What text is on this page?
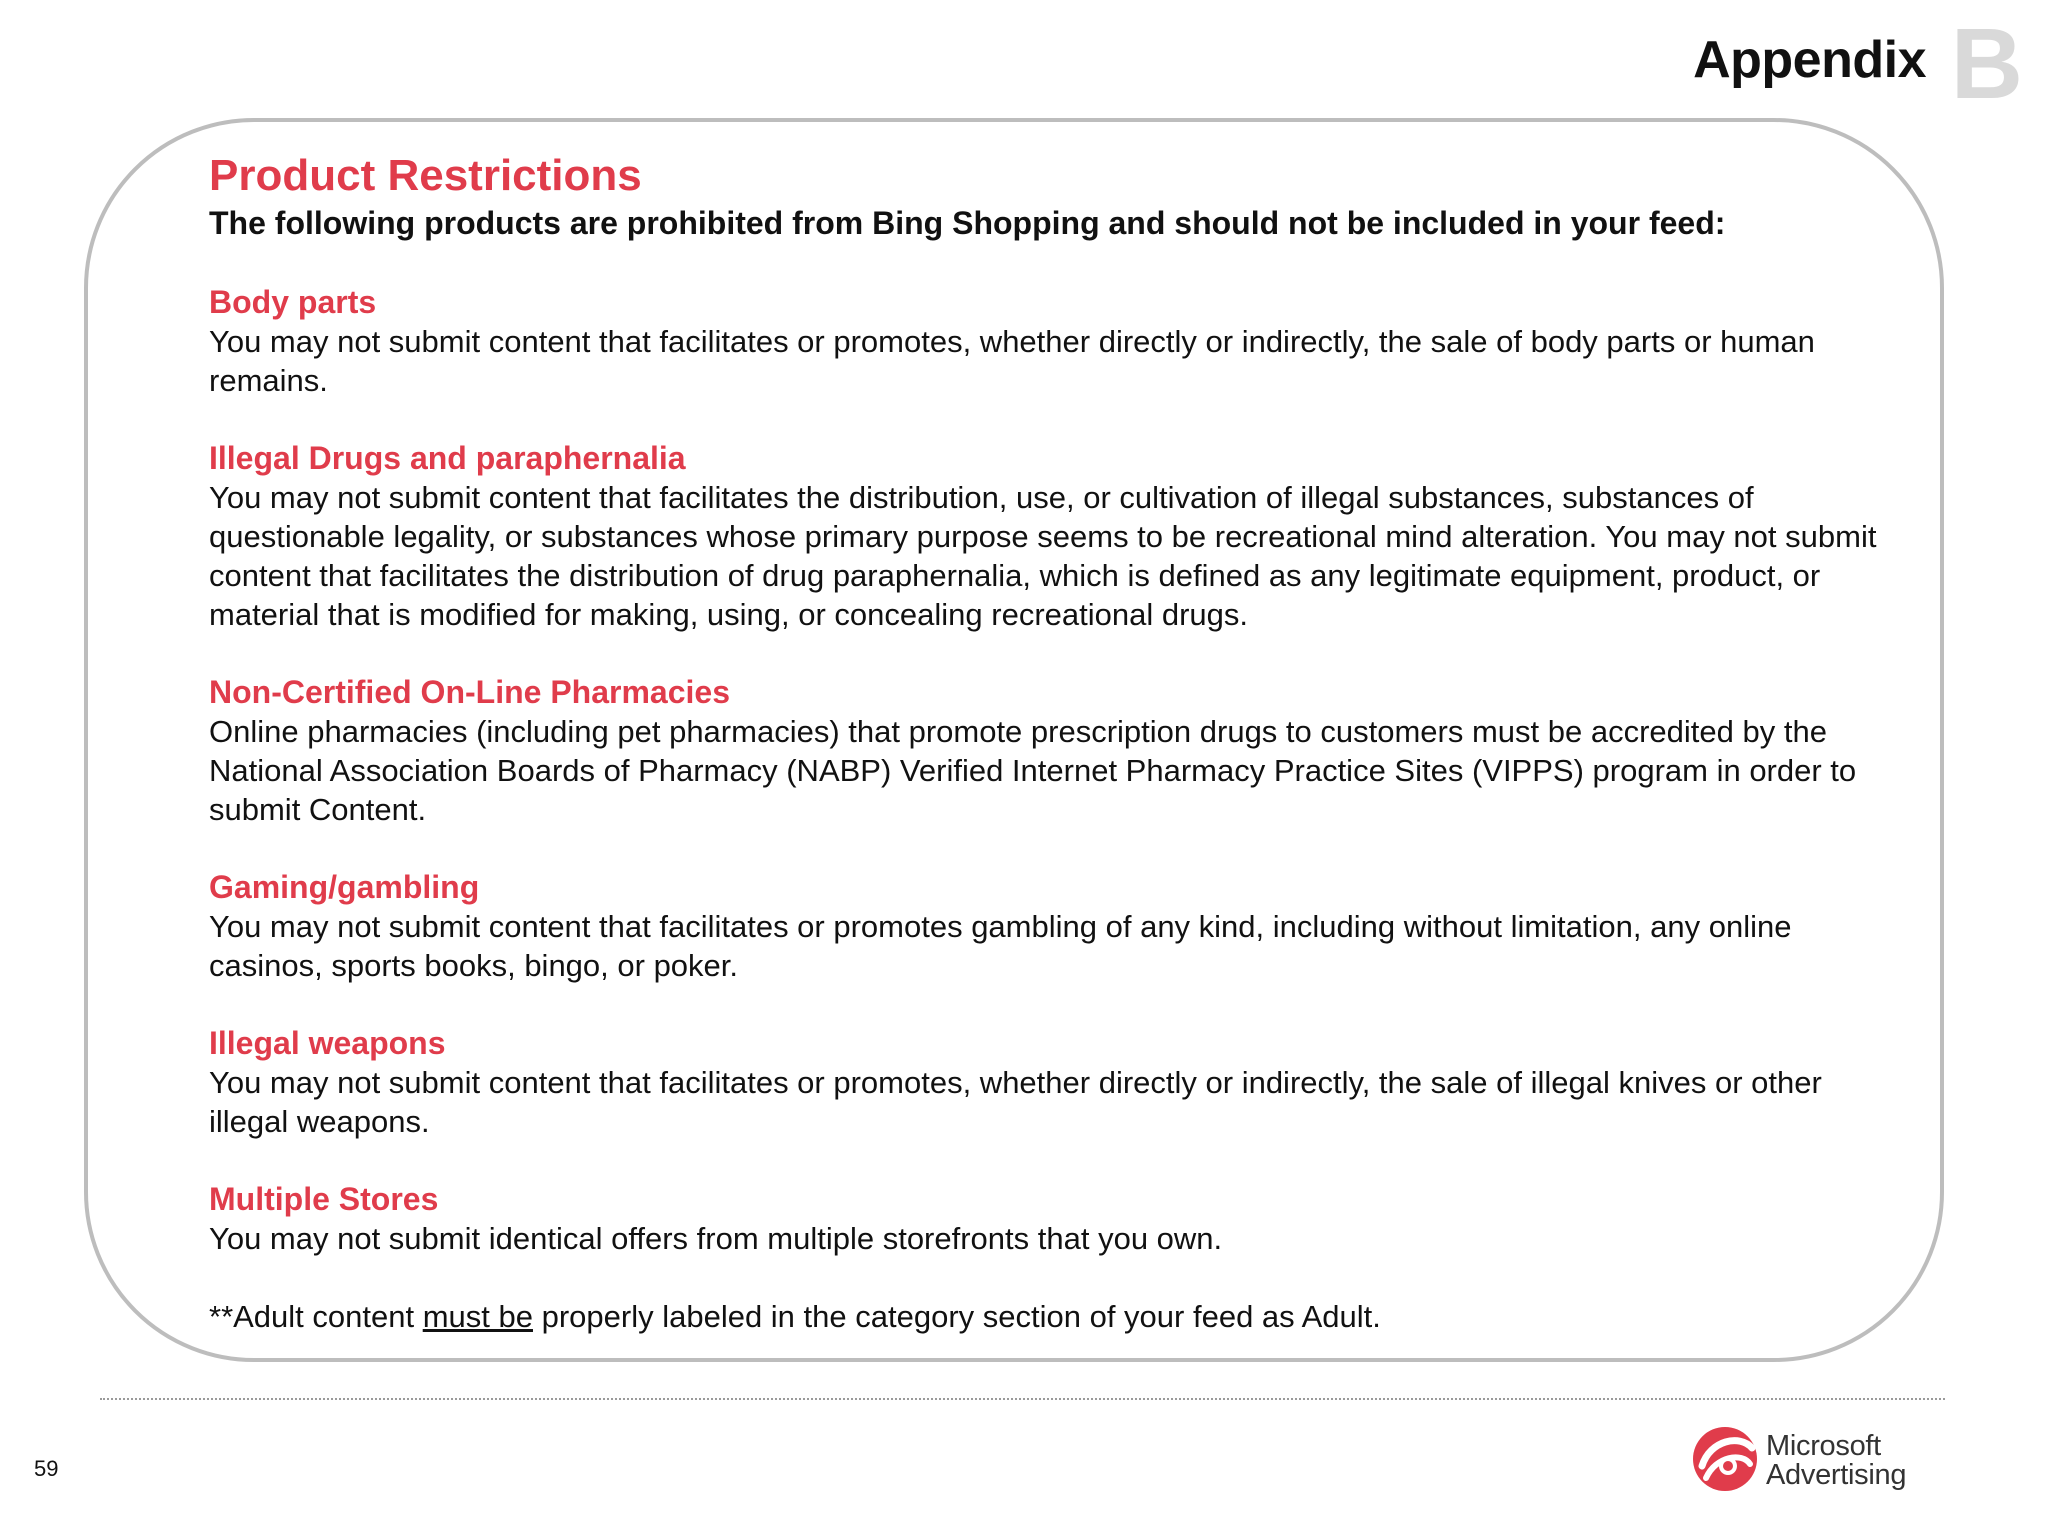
Appendix B
Product Restrictions

The following products are prohibited from Bing Shopping and should not be included in your feed:

Body parts

You may not submit content that facilitates or promotes, whether directly or indirectly, the sale of body parts or human remains.

Illegal Drugs and paraphernalia

You may not submit content that facilitates the distribution, use, or cultivation of illegal substances, substances of questionable legality, or substances whose primary purpose seems to be recreational mind alteration. You may not submit content that facilitates the distribution of drug paraphernalia, which is defined as any legitimate equipment, product, or material that is modified for making, using, or concealing recreational drugs.

Non-Certified On-Line Pharmacies

Online pharmacies (including pet pharmacies) that promote prescription drugs to customers must be accredited by the National Association Boards of Pharmacy (NABP) Verified Internet Pharmacy Practice Sites (VIPPS) program in order to submit Content.

Gaming/gambling

You may not submit content that facilitates or promotes gambling of any kind, including without limitation, any online casinos, sports books, bingo, or poker.

Illegal weapons

You may not submit content that facilitates or promotes, whether directly or indirectly, the sale of illegal knives or other illegal weapons.

Multiple Stores

You may not submit identical offers from multiple storefronts that you own.

**Adult content must be properly labeled in the category section of your feed as Adult.

59
Microsoft
Advertising
